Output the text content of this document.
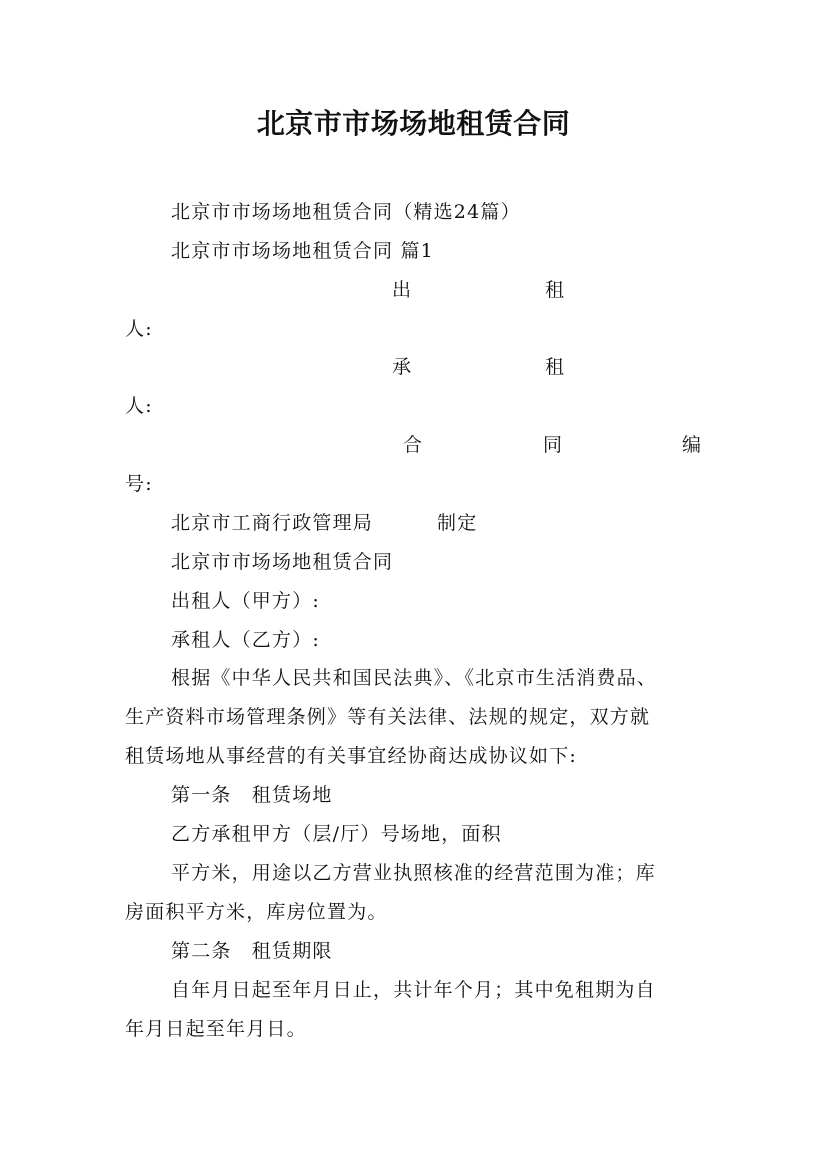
北京市市场场地租赁合同
北京市市场场地租赁合同（精选24篇）
北京市市场场地租赁合同 篇1
出	租
人:
承	租
人:
合	同	编
号:
北京市工商行政管理局	制定
北京市市场场地租赁合同
出租人（甲方）:
承租人（乙方）:
根据《中华人民共和国民法典》、《北京市生活消费品、
生产资料市场管理条例》等有关法律、法规的规定，双方就
租赁场地从事经营的有关事宜经协商达成协议如下:
第一条　租赁场地
乙方承租甲方（层/厅）号场地，面积
平方米，用途以乙方营业执照核准的经营范围为准；库
房面积平方米，库房位置为。
第二条　租赁期限
自年月日起至年月日止，共计年个月；其中免租期为自
年月日起至年月日。
